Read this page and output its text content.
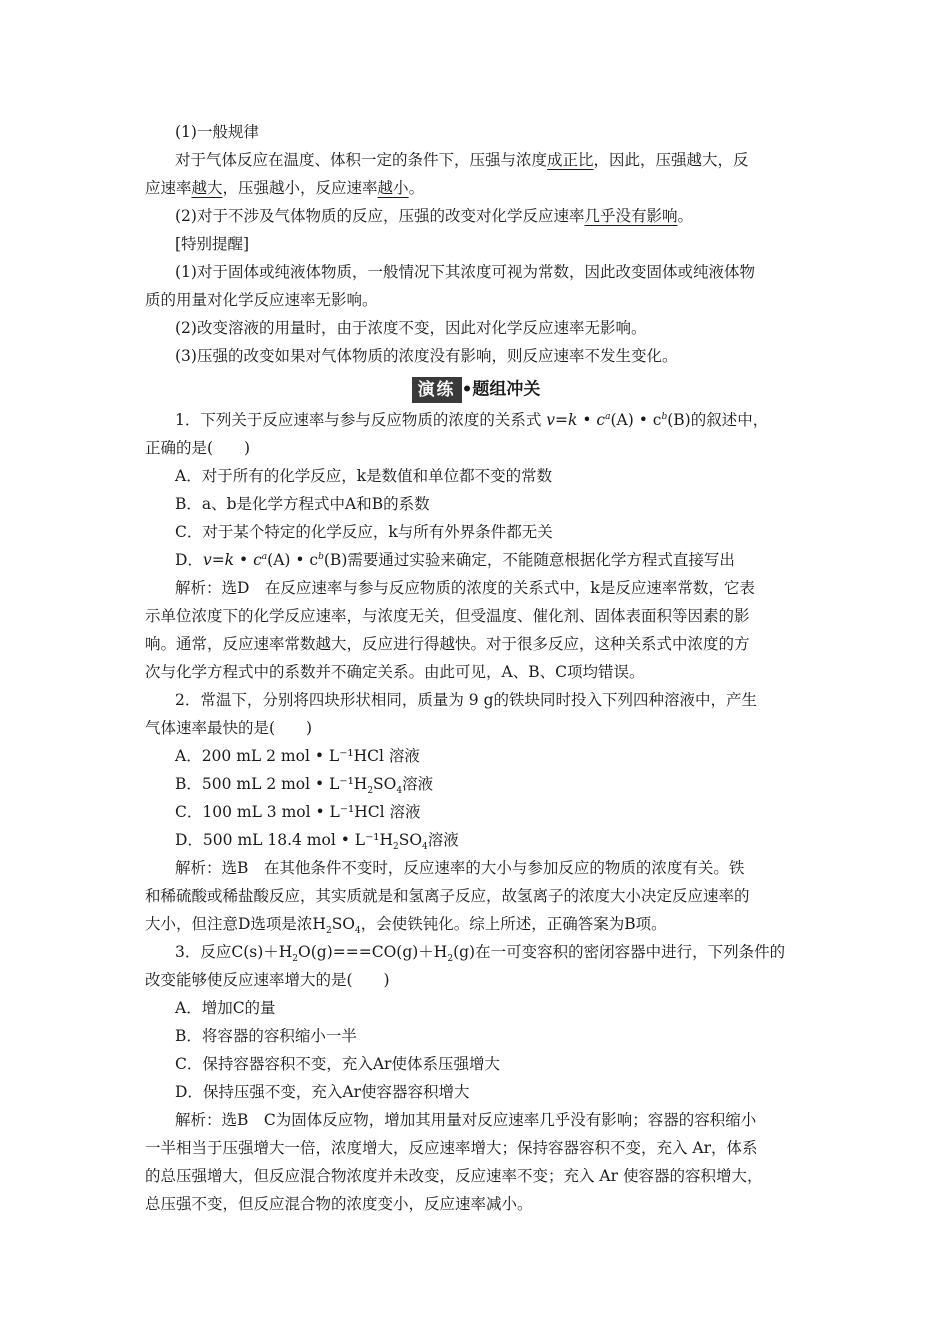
(1)一般规律
对于气体反应在温度、体积一定的条件下，压强与浓度成正比，因此，压强越大，反
应速率越大，压强越小，反应速率越小。
(2)对于不涉及气体物质的反应，压强的改变对化学反应速率几乎没有影响。
[特别提醒]
(1)对于固体或纯液体物质，一般情况下其浓度可视为常数，因此改变固体或纯液体物
质的用量对化学反应速率无影响。
(2)改变溶液的用量时，由于浓度不变，因此对化学反应速率无影响。
(3)压强的改变如果对气体物质的浓度没有影响，则反应速率不发生变化。
演练 •题组冲关
1．下列关于反应速率与参与反应物质的浓度的关系式 v=k • $c^a(A)$ • $c^b(B)$的叙述中，
正确的是(　　)
A．对于所有的化学反应，k是数值和单位都不变的常数
B．a、b是化学方程式中A和B的系数
C．对于某个特定的化学反应，k与所有外界条件都无关
D．v=k • $c^a(A)$ • $c^b(B)$需要通过实验来确定，不能随意根据化学方程式直接写出
解析：选D　在反应速率与参与反应物质的浓度的关系式中，k是反应速率常数，它表
示单位浓度下的化学反应速率，与浓度无关，但受温度、催化剂、固体表面积等因素的影
响。通常，反应速率常数越大，反应进行得越快。对于很多反应，这种关系式中浓度的方
次与化学方程式中的系数并不确定关系。由此可见，A、B、C项均错误。
2．常温下，分别将四块形状相同，质量为 9 g的铁块同时投入下列四种溶液中，产生
气体速率最快的是(　　)
A．200 mL 2 mol • L⁻¹HCl 溶液
B．500 mL 2 mol • $L^{-1}H_2SO_4$溶液
C．100 mL 3 mol • L⁻¹HCl 溶液
D．500 mL 18.4 mol • $L^{-1}H_2SO_4$溶液
解析：选B　在其他条件不变时，反应速率的大小与参加反应的物质的浓度有关。铁
和稀硫酸或稀盐酸反应，其实质就是和氢离子反应，故氢离子的浓度大小决定反应速率的
大小，但注意D选项是浓$H_2SO_4$，会使铁钝化。综上所述，正确答案为B项。
3．反应$C(s)+H_2O(g)===CO(g)+H_2(g)$在一可变容积的密闭容器中进行，下列条件的
改变能够使反应速率增大的是(　　)
A．增加C的量
B．将容器的容积缩小一半
C．保持容器容积不变，充入Ar使体系压强增大
D．保持压强不变，充入Ar使容器容积增大
解析：选B　C为固体反应物，增加其用量对反应速率几乎没有影响；容器的容积缩小
一半相当于压强增大一倍，浓度增大，反应速率增大；保持容器容积不变，充入 Ar，体系
的总压强增大，但反应混合物浓度并未改变，反应速率不变；充入 Ar 使容器的容积增大，
总压强不变，但反应混合物的浓度变小，反应速率减小。
